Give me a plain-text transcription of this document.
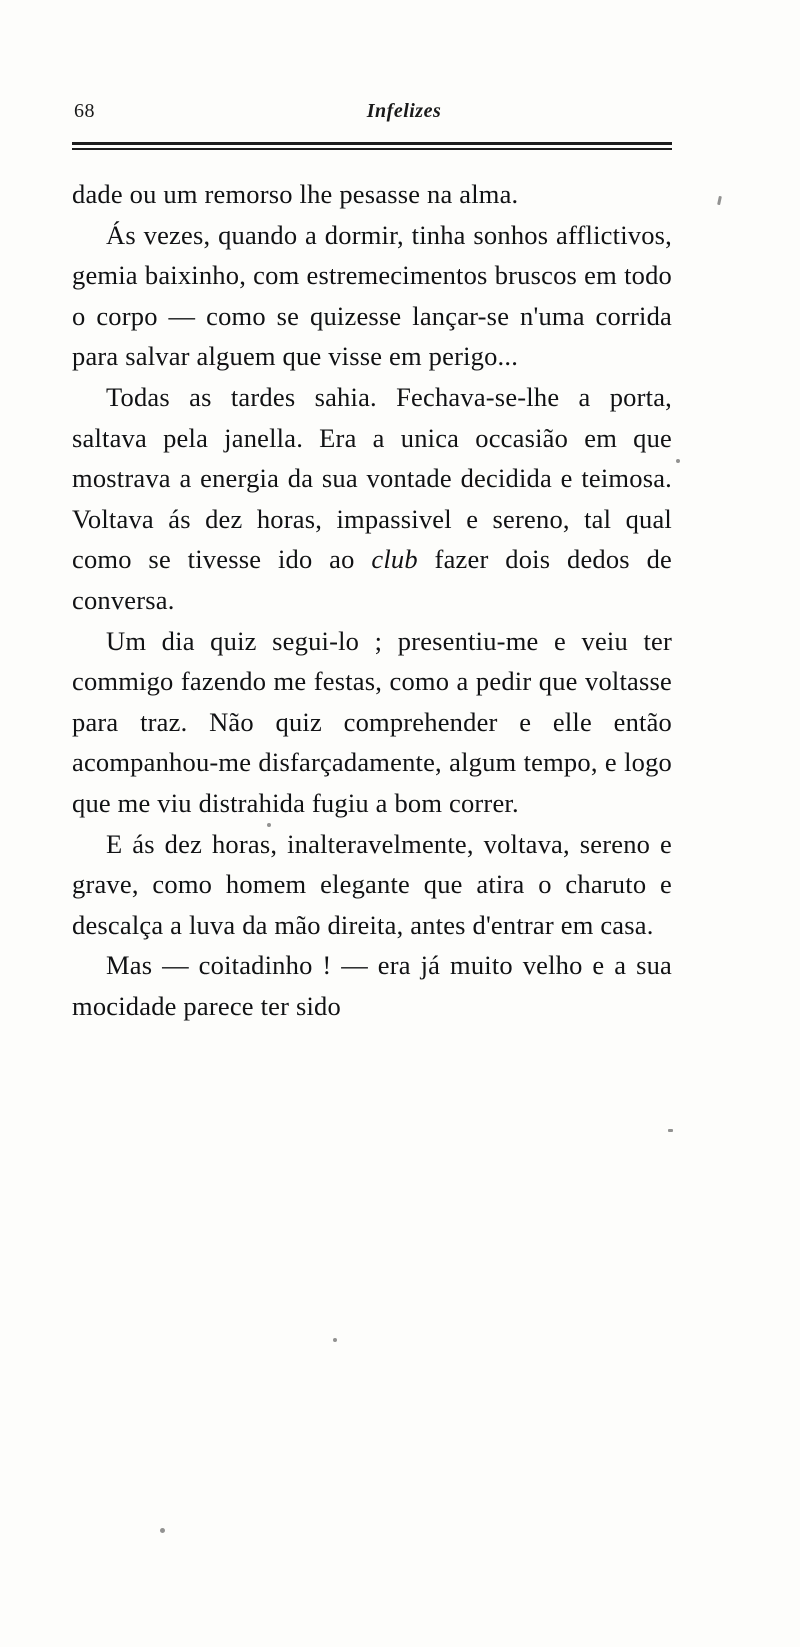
68	Infelizes

dade ou um remorso lhe pesasse na alma.

Ás vezes, quando a dormir, tinha sonhos afflictivos, gemia baixinho, com estremecimentos bruscos em todo o corpo — como se quizesse lançar-se n'uma corrida para salvar alguem que visse em perigo...

Todas as tardes sahia. Fechava-se-lhe a porta, saltava pela janella. Era a unica occasião em que mostrava a energia da sua vontade decidida e teimosa. Voltava ás dez horas, impassivel e sereno, tal qual como se tivesse ido ao club fazer dois dedos de conversa.

Um dia quiz segui-lo ; presentiu-me e veiu ter commigo fazendo me festas, como a pedir que voltasse para traz. Não quiz comprehender e elle então acompanhou-me disfarçadamente, algum tempo, e logo que me viu distrahida fugiu a bom correr.

E ás dez horas, inalteravelmente, voltava, sereno e grave, como homem elegante que atira o charuto e descalça a luva da mão direita, antes d'entrar em casa.

Mas — coitadinho ! — era já muito velho e a sua mocidade parece ter sido
